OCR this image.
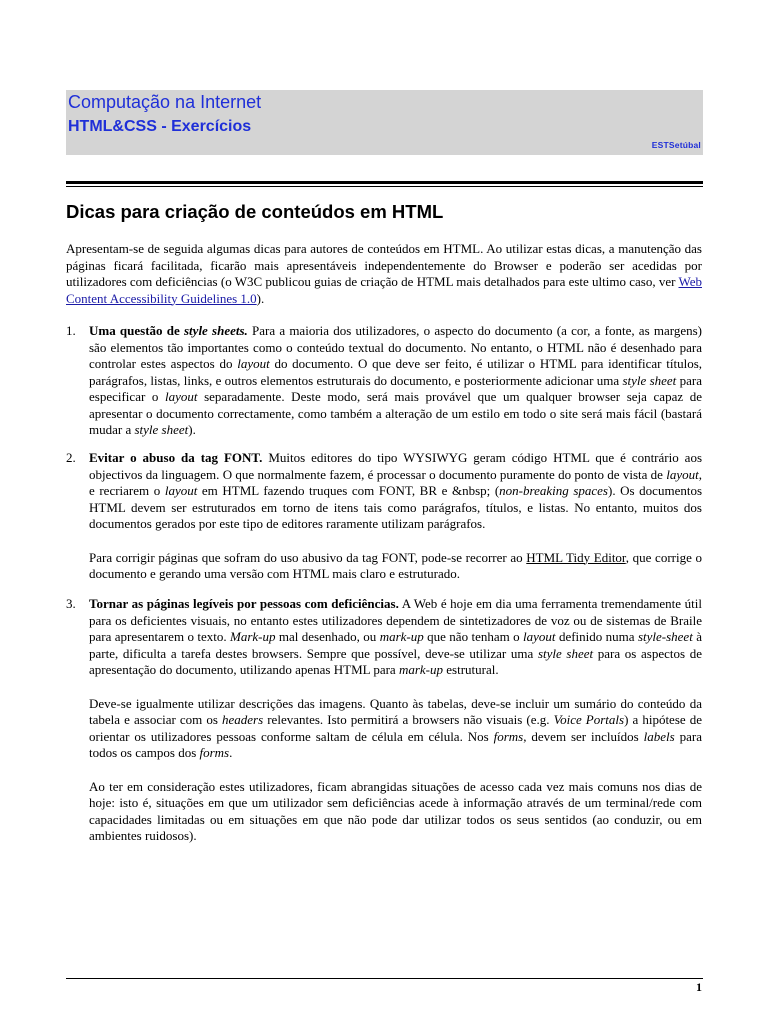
Computação na Internet
HTML&CSS - Exercícios
ESTSetúbal
Dicas para criação de conteúdos em HTML
Apresentam-se de seguida algumas dicas para autores de conteúdos em HTML. Ao utilizar estas dicas, a manutenção das páginas ficará facilitada, ficarão mais apresentáveis independentemente do Browser e poderão ser acedidas por utilizadores com deficiências (o W3C publicou guias de criação de HTML mais detalhados para este ultimo caso, ver Web Content Accessibility Guidelines 1.0).
1. Uma questão de style sheets. Para a maioria dos utilizadores, o aspecto do documento (a cor, a fonte, as margens) são elementos tão importantes como o conteúdo textual do documento. No entanto, o HTML não é desenhado para controlar estes aspectos do layout do documento. O que deve ser feito, é utilizar o HTML para identificar títulos, parágrafos, listas, links, e outros elementos estruturais do documento, e posteriormente adicionar uma style sheet para especificar o layout separadamente. Deste modo, será mais provável que um qualquer browser seja capaz de apresentar o documento correctamente, como também a alteração de um estilo em todo o site será mais fácil (bastará mudar a style sheet).

2. Evitar o abuso da tag FONT. Muitos editores do tipo WYSIWYG geram código HTML que é contrário aos objectivos da linguagem. O que normalmente fazem, é processar o documento puramente do ponto de vista de layout, e recriarem o layout em HTML fazendo truques com FONT, BR e &nbsp; (non-breaking spaces). Os documentos HTML devem ser estruturados em torno de itens tais como parágrafos, títulos, e listas. No entanto, muitos dos documentos gerados por este tipo de editores raramente utilizam parágrafos.

Para corrigir páginas que sofram do uso abusivo da tag FONT, pode-se recorrer ao HTML Tidy Editor, que corrige o documento e gerando uma versão com HTML mais claro e estruturado.

3. Tornar as páginas legíveis por pessoas com deficiências. A Web é hoje em dia uma ferramenta tremendamente útil para os deficientes visuais, no entanto estes utilizadores dependem de sintetizadores de voz ou de sistemas de Braile para apresentarem o texto. Mark-up mal desenhado, ou mark-up que não tenham o layout definido numa style-sheet à parte, dificulta a tarefa destes browsers. Sempre que possível, deve-se utilizar uma style sheet para os aspectos de apresentação do documento, utilizando apenas HTML para mark-up estrutural.

Deve-se igualmente utilizar descrições das imagens. Quanto às tabelas, deve-se incluir um sumário do conteúdo da tabela e associar com os headers relevantes. Isto permitirá a browsers não visuais (e.g. Voice Portals) a hipótese de orientar os utilizadores pessoas conforme saltam de célula em célula. Nos forms, devem ser incluídos labels para todos os campos dos forms.

Ao ter em consideração estes utilizadores, ficam abrangidas situações de acesso cada vez mais comuns nos dias de hoje: isto é, situações em que um utilizador sem deficiências acede à informação através de um terminal/rede com capacidades limitadas ou em situações em que não pode dar utilizar todos os seus sentidos (ao conduzir, ou em ambientes ruidosos).

1
